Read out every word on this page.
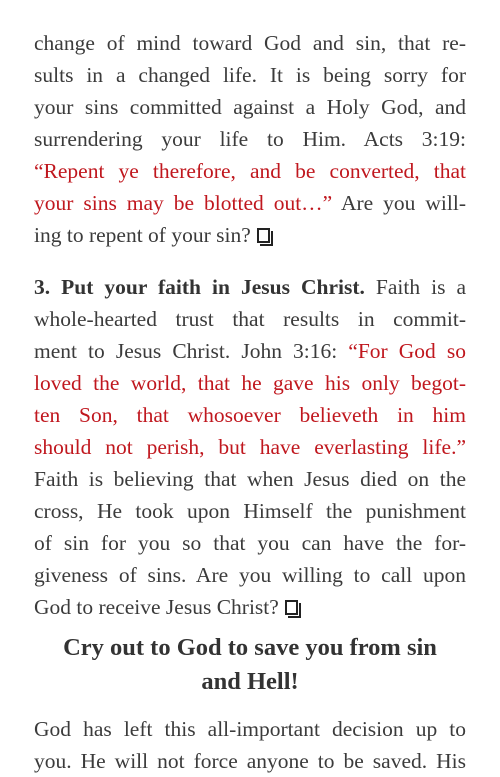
change of mind toward God and sin, that re-
sults in a changed life. It is being sorry for
your sins committed against a Holy God, and
surrendering your life to Him. Acts 3:19:
“Repent ye therefore, and be converted, that
your sins may be blotted out…” Are you will-
ing to repent of your sin?
3. Put your faith in Jesus Christ. Faith is a
whole-hearted trust that results in commit-
ment to Jesus Christ. John 3:16: “For God so
loved the world, that he gave his only begot-
ten Son, that whosoever believeth in him
should not perish, but have everlasting life.”
Faith is believing that when Jesus died on the
cross, He took upon Himself the punishment
of sin for you so that you can have the for-
giveness of sins. Are you willing to call upon
God to receive Jesus Christ?
Cry out to God to save you from sin
and Hell!
God has left this all-important decision up to
you. He will not force anyone to be saved. His
